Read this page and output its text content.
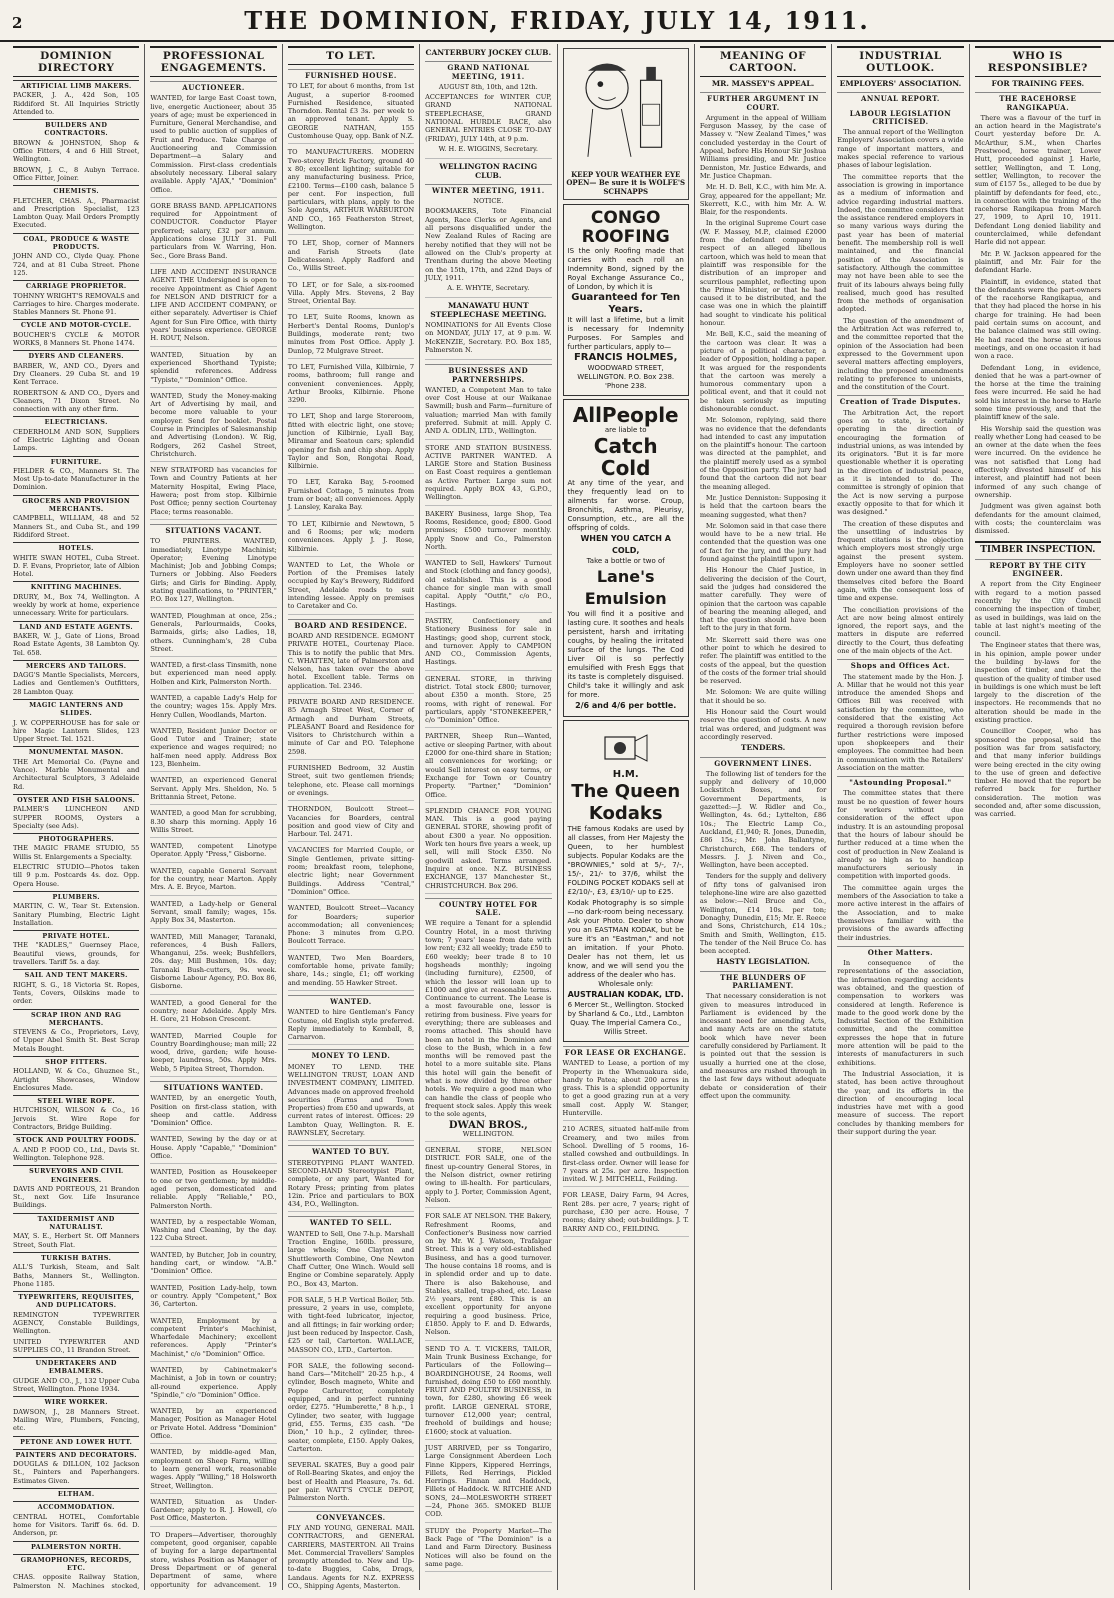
2	THE DOMINION, FRIDAY, JULY 14, 1911.
DOMINION DIRECTORY
ARTIFICIAL LIMB MAKERS.
PACKER, J. A., 42d Son, 105 Riddiford St. All Inquiries Strictly Attended to.
BUILDERS AND CONTRACTORS.
BROWN & JOHNSTON, Shop & Office Fitters, 4 and 6 Hill Street, Wellington.
BROWN, J. C., 8 Aubyn Terrace. Office Fitter, Joiner.
CHEMISTS.
FLETCHER, CHAS. A., Pharmacist and Prescription Specialist, 123 Lambton Quay. Mail Orders Promptly Executed.
COAL, PRODUCE & WASTE PRODUCTS.
JOHN AND CO., Clyde Quay. Phone 724, and at 81 Cuba Street. Phone 125.
CARRIAGE PROPRIETOR.
TOHNNY WRIGHT'S REMOVALS and Carriages to hire. Charges moderate. Stables Manners St. Phone 91.
CYCLE AND MOTOR-CYCLE.
BOUCHER'S CYCLE & MOTOR WORKS, 8 Manners St. Phone 1474.
DYERS AND CLEANERS.
BARBER, W., AND CO., Dyers and Dry Cleaners. 29 Cuba St. and 19 Kent Terrace.
ROBERTSON & AND CO., Dyers and Cleaners, 71 Dixon Street. No connection with any other firm.
ELECTRICIANS.
CEDERHOLM AND SON, Suppliers of Electric Lighting and Ocean Lamps.
FURNITURE.
FIELDER & CO., Manners St. The Most Up-to-date Manufacturer in the Dominion.
GROCERS AND PROVISION MERCHANTS.
CAMPBELL, WILLIAM, 48 and 52 Manners St., and Cuba St., and 199 Riddiford Street.
HOTELS.
WHITE SWAN HOTEL, Cuba Street. D. F. Evans, Proprietor, late of Albion Hotel.
KNITTING MACHINES.
DRURY, M., Box 74, Wellington. A weekly by work at home, experience unnecessary. Write for particulars.
LAND AND ESTATE AGENTS.
BAKER, W. J., Gate of Lions, Broad Road Estate Agents, 38 Lambton Qy. Tel. 658.
MERCERS AND TAILORS.
DAGG'S Mantle Specialists, Mercers, Ladies and Gentlemen's Outfitters, 28 Lambton Quay.
MAGIC LANTERNS AND SLIDES.
J. W. COPPERHOUSE has for sale or hire Magic Lantern Slides, 123 Upper Street. Tel. 1521.
MONUMENTAL MASON.
THE Art Memorial Co. (Payne and Vance). Marble Monumental and Architectural Sculptors, 3 Adelaide Rd.
OYSTER AND FISH SALOONS.
PALMER'S LUNCHEON AND SUPPER ROOMS, Oysters a Specialty (see Ads).
PHOTOGRAPHERS.
THE MAGIC FRAME STUDIO, 55 Willis St. Enlargements a Specialty.
ELECTRIC STUDIO—Photos taken till 9 p.m. Postcards 4s. doz. Opp. Opera House.
PLUMBERS.
MARTIN, C. W., Tear St. Extension. Sanitary Plumbing, Electric Light Installation.
PRIVATE HOTEL.
THE "KADLES," Guernsey Place, Beautiful views, grounds, for travellers. Tariff 5s. a day.
SAIL AND TENT MAKERS.
RIGHT, S. G., 18 Victoria St. Ropes, Tents, Covers, Oilskins made to order.
SCRAP IRON AND RAG MERCHANTS.
STEVENS & Co., Proprietors, Levy, of Upper Abel Smith St. Best Scrap Metals Bought.
SHOP FITTERS.
HOLLAND, W. & Co., Ghuznee St., Airtight Showcases, Window Enclosures Made.
STEEL WIRE ROPE.
HUTCHISON, WILSON & Co., 16 Jervois St. Wire Rope for Contractors, Bridge Building.
STOCK AND POULTRY FOODS.
A. AND P. FOOD CO., Ltd., Davis St. Wellington. Telephone 928.
SURVEYORS AND CIVIL ENGINEERS.
DAVIS AND PORTEOUS, 21 Brandon St., next Gov. Life Insurance Buildings.
TAXIDERMIST AND NATURALIST.
MAY, S. E., Herbert St. Off Manners Street, South Flat.
TURKISH BATHS.
ALL'S Turkish, Steam, and Salt Baths, Manners St., Wellington. Phone 1185.
TYPEWRITERS, REQUISITES, AND DUPLICATORS.
REMINGTON TYPEWRITER AGENCY, Constable Buildings, Wellington.
UNITED TYPEWRITER AND SUPPLIES CO., 11 Brandon Street.
UNDERTAKERS AND EMBALMERS.
GUDGE AND CO., J., 132 Upper Cuba Street, Wellington. Phone 1934.
WIRE WORKER.
DAWSON, J., 28 Manners Street. Mailing Wire, Plumbers, Fencing, etc.
PETONE AND LOWER HUTT.
PAINTERS AND DECORATORS.
DOUGLAS & DILLON, 102 Jackson St., Painters and Paperhangers. Estimates Given.
ELTHAM.
ACCOMMODATION.
CENTRAL HOTEL, Comfortable home for Visitors. Tariff 6s. 6d. D. Anderson, pr.
PALMERSTON NORTH.
GRAMOPHONES, RECORDS, ETC.
CHAS. opposite Railway Station, Palmerston N. Machines stocked,
PROFESSIONAL ENGAGEMENTS.
AUCTIONEER.
WANTED, for large East Coast town, live, energetic Auctioneer, about 35 years of age; must be experienced in Furniture, General Merchandise, and used to public auction of supplies of Fruit and Produce. Take Charge of Auctioneering and Commission Department—a Salary and Commission. First-class credentials absolutely necessary. Liberal salary available. Apply "AJAX," "Dominion" Office.
GORE BRASS BAND. APPLICATIONS required for Appointment of CONDUCTOR. Conductor Player preferred; salary, £32 per annum. Applications close JULY 31. Full particulars from W. Warring, Hon. Sec., Gore Brass Band.
LIFE AND ACCIDENT INSURANCE AGENT. THE Undersigned is open to receive Appointment as Chief Agent for NELSON AND DISTRICT for a LIFE AND ACCIDENT COMPANY, or either separately. Advertiser is Chief Agent for Sun Fire Office, with thirty years' business experience. GEORGE H. ROUT, Nelson.
WANTED, Situation by an experienced Shorthand Typiste; splendid references. Address "Typiste," "Dominion" Office.
WANTED, Study the Money-making Art of Advertising by mail, and become more valuable to your employer. Send for booklet. Postal Course in Principles of Salesmanship and Advertising (London). W. Rig, Rodgers, 262 Cashel Street, Christchurch.
NEW STRATFORD has vacancies for Town and Country Patients at her Maternity Hospital, Ewing Place, Hawera; post from stop. Kilbirnie Post Office; penny section Courtenay Place; terms reasonable.
SITUATIONS VACANT.
TO PRINTERS. WANTED, immediately, Linotype Machinist; Operator; Evening Linotype Machinist; Job and Jobbing Comps; Turners or Jobbing. Also Feeders Girls; and Girls for Binding. Apply, stating qualifications, to "PRINTER," P.O. Box 127, Wellington.
WANTED, Ploughman at once, 25s.; Generals, Parlourmaids, Cooks, Barmaids, girls; also Ladies, 18, others. Cunningham's, 28 Cuba Street.
WANTED, a first-class Tinsmith, none but experienced man need apply. Holben and Kirk, Palmerston North.
WANTED, a capable Lady's Help for the country; wages 15s. Apply Mrs. Henry Cullen, Woodlands, Marton.
WANTED, Resident Junior Doctor or Good Tutor and Trainer; state experience and wages required; no half-men need apply. Address Box 123, Blenheim.
WANTED, an experienced General Servant. Apply Mrs. Sheldon, No. 5 Brittannia Street, Petone.
WANTED, a good Man for scrubbing, 8.30 sharp this morning. Apply 16 Willis Street.
WANTED, competent Linotype Operator. Apply "Press," Gisborne.
WANTED, capable General Servant for the country, near Marton. Apply Mrs. A. E. Bryce, Marton.
WANTED, a Lady-help or General Servant, small family; wages, 15s. Apply Box 34, Masterton.
WANTED, Mill Manager, Taranaki, references, 4 Bush Fallers, Whanganui, 25s. week; Bushfellers, 20s. day; Mill Bushmen, 10s. day; Taranaki Bush-cutters, 9s. week. Gisborne Labour Agency, P.O. Box 86, Gisborne.
WANTED, a good General for the country; near Adelaide. Apply Mrs. H. Gore, 21 Hobson Crescent.
WANTED, Married Couple for Country Boardinghouse; man mill; 22 wood, drive, garden; wife house-keeper, laundress, 50s. Apply Mrs. Webb, 5 Pipitea Street, Thorndon.
SITUATIONS WANTED.
WANTED, by an energetic Youth, Position on first-class station, with sheep and cattle. Address "Dominion" Office.
WANTED, Sewing by the day or at House. Apply "Capable," "Dominion" Office.
WANTED, Position as Housekeeper to one or two gentlemen; by middle-aged person, domesticated and reliable. Apply "Reliable," P.O., Palmerston North.
WANTED, by a respectable Woman, Washing and Cleaning, by the day. 122 Cuba Street.
WANTED, by Butcher, Job in country, handing cart, or window. "A.B." "Dominion" Office.
WANTED, Position Lady-help, town or country. Apply "Competent," Box 36, Carterton.
WANTED, Employment by a competent Printer's Machinist, Wharfedale Machinery; excellent references. Apply "Printer's Machinist," c/o "Dominion" Office.
WANTED, by Cabinetmaker's Machinist, a Job in town or country; all-round experience. Apply "Spindle," c/o "Dominion" Office.
WANTED, by an experienced Manager, Position as Manager Hotel or Private Hotel. Address "Dominion" Office.
WANTED, by middle-aged Man, employment on Sheep Farm, willing to learn general work, reasonable wages. Apply "Willing," 18 Holsworth Street, Wellington.
WANTED, Situation as Under-Gardener; apply to R. J. Howell, c/o Post Office, Masterton.
TO Drapers—Advertiser, thoroughly competent, good organiser, capable of buying for a large departmental store, wishes Position as Manager of Dress Department or of general Department of same, where opportunity for advancement. 19
TO LET.
FURNISHED HOUSE.
TO LET, for about 6 months, from 1st August, a superior 8-roomed Furnished Residence, situated Thorndon. Rental £3 3s. per week to an approved tenant. Apply S. GEORGE NATHAN, 155 Customhouse Quay, opp. Bank of N.Z.
TO MANUFACTURERS. MODERN Two-storey Brick Factory, ground 40 x 80; excellent lighting; suitable for any manufacturing business. Price, £2100. Terms—£100 cash, balance 5 per cent. For inspection, full particulars, with plans, apply to the Sole Agents, ARTHUR WARBURTON AND CO., 165 Featherston Street, Wellington.
TO LET, Shop, corner of Manners and Farish Streets (late Delicatessen). Apply Radford and Co., Willis Street.
TO LET, or for Sale, a six-roomed Villa. Apply Mrs. Stevens, 2 Bay Street, Oriental Bay.
TO LET, Suite Rooms, known as Herbert's Dental Rooms, Dunlop's Buildings, moderate rent; two minutes from Post Office. Apply J. Dunlop, 72 Mulgrave Street.
TO LET, Furnished Villa, Kilbirnie, 7 rooms, bathroom; full range and convenient conveniences. Apply, Arthur Brooks, Kilbirnie. Phone 3290.
TO LET, Shop and large Storeroom, fitted with electric light, one stove; junction of Kilbirnie, Lyall Bay, Miramar and Seatoun cars; splendid opening for fish and chip shop. Apply Taylor and Son, Rongotai Road, Kilbirnie.
TO LET, Karaka Bay, 5-roomed Furnished Cottage, 5 minutes from tram or boat; all conveniences. Apply J. Lansley, Karaka Bay.
TO LET, Kilbirnie and Newtown, 5 and 6 Rooms; per wk; modern conveniences. Apply J. J. Rose, Kilbirnie.
WANTED to Let, the Whole or Portion of the Premises lately occupied by Kay's Brewery, Riddiford Street, Adelaide roads to suit intending lessee. Apply on premises to Caretaker and Co.
BOARD AND RESIDENCE.
BOARD AND RESIDENCE. EGMONT PRIVATE HOTEL, Courtenay Place. This is to notify the public that Mrs. C. WHATTEN, late of Palmerston and Nelson, has taken over the above hotel. Excellent table. Terms on application. Tel. 2346.
PRIVATE BOARD AND RESIDENCE. 85 Armagh Street West, Corner of Armagh and Durham Streets, PLEASANT Board and Residence for Visitors to Christchurch within a minute of Car and P.O. Telephone 2598.
FURNISHED Bedroom, 32 Austin Street, suit two gentlemen friends; telephone, etc. Please call mornings or evenings.
THORNDON, Boulcott Street—Vacancies for Boarders, central position and good view of City and Harbour. Tel. 2471.
VACANCIES for Married Couple, or Single Gentlemen, private sitting-room; breakfast room, telephone, electric light; near Government Buildings. Address "Central," "Dominion" Office.
WANTED, Boulcott Street—Vacancy for Boarders; superior accommodation; all conveniences; Phone: 3 minutes from G.P.O. Boulcott Terrace.
WANTED, Two Men Boarders, comfortable home, private family; share, 14s.; single, £1; off working and mending. 55 Hawker Street.
WANTED.
WANTED to hire Gentleman's Fancy Costume, old English style preferred. Reply immediately to Kemball, 8, Carnarvon.
MONEY TO LEND.
MONEY TO LEND. THE WELLINGTON TRUST, LOAN AND INVESTMENT COMPANY, LIMITED. Advances made on approved freehold securities (Farms and Town Properties) from £50 and upwards, at current rates of interest. Offices: 29 Lambton Quay, Wellington. R. E. RAWNSLEY, Secretary.
WANTED TO BUY.
STEREOTYPING PLANT WANTED. SECOND-HAND Stereotypist Plant, complete, or any part, Wanted for Rotary Press; printing from plates 12in. Price and particulars to BOX 434, P.O., Wellington.
WANTED TO SELL.
WANTED to Sell, One 7-h.p. Marshall Traction Engine, 160lb. pressure, large wheels; One Clayton and Shuttleworth Combine, One Newton Chaff Cutter, One Winch. Would sell Engine or Combine separately. Apply P.O., Box 43, Marton.
FOR SALE, 5 H.P. Vertical Boiler, 5tb. pressure, 2 years in use, complete, with tight-feed lubricator, injector, and all fittings; in fair working order; just been reduced by Inspector. Cash, £25 or tail, Carterton. WALLACE, MASSON CO., LTD., Carterton.
FOR SALE, the following second-hand Cars—"Mitchell" 20-25 h.p., 4 cylinder, Bosch magneto, White and Poppe Carburettor, completely equipped, and in perfect running order, £275. "Humberette," 8 h.p., 1 Cylinder, two seater, with luggage grid, £55. Terms, £35 cash. "De Dion," 10 h.p., 2 cylinder, three-seater, complete, £150. Apply Oakes, Carterton.
SEVERAL SKATES, Buy a good pair of Roll-Bearing Skates, and enjoy the best of Health and Pleasure, 7s. 6d. per pair. WATT'S CYCLE DEPOT, Palmerston North.
CONVEYANCES.
FLY AND YOUNG, GENERAL MAIL CONTRACTORS, and GENERAL CARRIERS, MASTERTON. All Trains Met. Commercial Travellers' Samples promptly attended to. New and Up-to-date Buggies, Cabs, Drags, Landaus. Agents for N.Z. EXPRESS CO., Shipping Agents, Masterton.
CANTERBURY JOCKEY CLUB.
GRAND NATIONAL MEETING, 1911.
AUGUST 8th, 10th, and 12th.
ACCEPTANCES for WINTER CUP, GRAND NATIONAL STEEPLECHASE, GRAND NATIONAL HURDLE RACE, also GENERAL ENTRIES CLOSE TO-DAY (FRIDAY), JULY 14th, at 9 p.m.
W. H. E. WIGGINS, Secretary.
WELLINGTON RACING CLUB.
WINTER MEETING, 1911.
NOTICE.
BOOKMAKERS, Tote Financial Agents, Race Clerks or Agents, and all persons disqualified under the New Zealand Rules of Racing are hereby notified that they will not be allowed on the Club's property at Trentham during the above Meeting on the 15th, 17th, and 22nd Days of JULY, 1911.
A. E. WHYTE, Secretary.
MANAWATU HUNT STEEPLECHASE MEETING.
NOMINATIONS for All Events Close on MONDAY, JULY 17, at 9 p.m. W. McKENZIE, Secretary. P.O. Box 185, Palmerston N.
BUSINESSES AND PARTNERSHIPS.
WANTED, a Competent Man to take over Cost House at our Waikanae Sawmill; bush and Farm—furniture of valuation; married Man with family preferred. Submit at mill. Apply C. AND A. ODLIN, LTD., Wellington.
STORE AND STATION BUSINESS. ACTIVE PARTNER WANTED. A LARGE Store and Station Business on East Coast requires a gentleman as Active Partner. Large sum not required. Apply BOX 43, G.P.O., Wellington.
BAKERY Business, large Shop, Tea Rooms, Residence, good; £800. Good premises; £500 turnover monthly. Apply Snow and Co., Palmerston North.
WANTED to Sell, Hawkers' Turnout and Stock (clothing and fancy goods), old established. This is a good chance for single man with small capital. Apply "Outfit," c/o P.O., Hastings.
PASTRY, Confectionery and Stationery Business for sale in Hastings; good shop, current stock, and turnover. Apply to CAMPION AND CO., Commission Agents, Hastings.
GENERAL STORE, in thriving district. Total stock £800; turnover, about £350 a month. Store, 25 rooms, with right of renewal. For particulars, apply "STONEKEEPER," c/o "Dominion" Office.
PARTNER, Sheep Run—Wanted, active or sleeping Partner, with about £2000 for one-third share in Station; all conveniences for working; or would Sell interest on easy terms, or Exchange for Town or Country Property. "Partner," "Dominion" Office.
SPLENDID CHANCE FOR YOUNG MAN. This is a good paying GENERAL STORE, showing profit of about £300 a year. No opposition. Work ten hours five years a week, up sell, will mill Stock £350. No goodwill asked. Terms arranged. Inquire at once. N.Z. BUSINESS EXCHANGE, 137 Manchester St., CHRISTCHURCH. Box 296.
COUNTRY HOTEL FOR SALE.
WE require a Tenant for a splendid Country Hotel, in a most thriving town; 7 years' lease from date with low rent; £32 all weekly; trade £50 to £60 weekly; beer trade 8 to 10 hogsheads monthly; ingoing (including furniture), £2500, of which the lessor will loan up to £1000 and give at reasonable terms. Continuance to current. The Lease is a most favourable one, lessor is retiring from business. Five years for everything; there are subleases and rooms attached. This should have been an hotel in the Dominion and close to the Bush, which in a few months will be removed past the hotel to a more suitable site. Plans this hotel will gain the benefit of what is now divided by three other hotels. We require a good man who can handle the class of people who frequent stock sales. Apply this week to the sole agents,
DWAN BROS.,
WELLINGTON.
GENERAL STORE, NELSON DISTRICT. FOR SALE, one of the finest up-country General Stores, in the Nelson district, owner retiring owing to ill-health. For particulars, apply to J. Porter, Commission Agent, Nelson.
FOR SALE AT NELSON. THE Bakery, Refreshment Rooms, and Confectioner's Business now carried on by Mr. W. J. Watson, Trafalgar Street. This is a very old-established Business, and has a good turnover. The house contains 18 rooms, and is in splendid order and up to date. There is also Bakehouse, and Stables, stalled, trap-shed, etc. Lease 2½ years, rent £80. This is an excellent opportunity for anyone requiring a good business. Price, £1850. Apply to F. and D. Edwards, Nelson.
SEND TO A. T. VICKERS, TAILOR, Main Trunk Business Exchange, for Particulars of the Following— BOARDINGHOUSE, 24 Rooms, well furnished, doing £50 to £60 monthly. FRUIT AND POULTRY BUSINESS, in town, for £280, showing £6 week profit. LARGE GENERAL STORE, turnover £12,000 year; central, freehold of buildings and house; £1600; stock at valuation.
JUST ARRIVED, per ss Tongariro, Large Consignment Aberdeen Loch Finne Kippers, Kippered Herrings, Fillets, Red Herrings, Pickled Herrings. Finnan and Haddock, Fillets of Haddock. W. RITCHIE AND SONS, 24—MOLESWORTH STREET—24, Phone 365. SMOKED BLUE COD.
STUDY the Property Market—The Back Page of "The Dominion" is a Land and Farm Directory. Business Notices will also be found on the same page.
KEEP YOUR WEATHER EYE OPEN— Be sure it is WOLFE'S SCHNAPPS
CONGO ROOFING
IS the only Roofing made that carries with each roll an Indemnity Bond, signed by the Royal Exchange Assurance Co., of London, by which it is
Guaranteed for Ten Years.
It will last a lifetime, but a limit is necessary for Indemnity Purposes. For Samples and further particulars, apply to—
FRANCIS HOLMES,
WOODWARD STREET, WELLINGTON. P.O. Box 238. 'Phone 238.
AllPeople
are liable to
Catch Cold
At any time of the year, and they frequently lead on to ailments far worse. Croup, Bronchitis, Asthma, Pleurisy, Consumption, etc., are all the offspring of colds.
WHEN YOU CATCH A COLD,
Take a bottle or two of
Lane's Emulsion
You will find it a positive and lasting cure. It soothes and heals persistent, harsh and irritating coughs, by healing the irritated surface of the lungs. The Cod Liver Oil is so perfectly emulsified with Fresh Eggs that its taste is completely disguised. Child's take it willingly and ask for more.
2/6 and 4/6 per bottle.
H.M.
The Queen
Kodaks
THE famous Kodaks are used by all classes, from Her Majesty the Queen, to her humblest subjects. Popular Kodaks are the "BROWNIES," sold at 5/-, 7/-, 15/-, 21/- to 37/6, whilst the FOLDING POCKET KODAKS sell at £2/10/-, £3, £3/10/- up to £25.
Kodak Photography is so simple—no dark-room being necessary. Ask your Photo. Dealer to show you an EASTMAN KODAK, but be sure it's an "Eastman," and not an imitation. If your Photo. Dealer has not them, let us know, and we will send you the address of the dealer who has.
Wholesale only:
AUSTRALIAN KODAK, LTD.
6 Mercer St., Wellington. Stocked by Sharland & Co., Ltd., Lambton Quay. The Imperial Camera Co., Willis Street.
FOR LEASE OR EXCHANGE.
WANTED to Lease, a portion of my Property in the Whenuakura side, handy to Patea; about 200 acres in grass. This is a splendid opportunity to get a good grazing run at a very small cost. Apply W. Stanger, Hunterville.
210 ACRES, situated half-mile from Creamery, and two miles from School. Dwelling of 5 rooms, 16-stalled cowshed and outbuildings. In first-class order. Owner will lease for 7 years at 25s. per acre. Inspection invited. W. J. MITCHELL, Feilding.
FOR LEASE, Dairy Farm, 94 Acres, Rent 28s. per acre, 7 years; right of purchase, £30 per acre. House, 7 rooms; dairy shed; out-buildings. J. T. BARRY AND CO., FEILDING.
MEANING OF CARTOON.
MR. MASSEY'S APPEAL.
FURTHER ARGUMENT IN COURT.
Argument in the appeal of William Ferguson Massey, by the case of Massey v. "New Zealand Times," was concluded yesterday in the Court of Appeal, before His Honour Sir Joshua Williams presiding, and Mr. Justice Denniston, Mr. Justice Edwards, and Mr. Justice Chapman.
Mr. H. D. Bell, K.C., with him Mr. A. Gray, appeared for the appellant; Mr. Skerrett, K.C., with him Mr. A. W. Blair, for the respondents.
In the original Supreme Court case (W. F. Massey, M.P., claimed £2000 from the defendant company in respect of an alleged libellous cartoon, which was held to mean that plaintiff was responsible for the distribution of an improper and scurrilous pamphlet, reflecting upon the Prime Minister, or that he had caused it to be distributed, and the case was one in which the plaintiff had sought to vindicate his political honour.
Mr. Bell, K.C., said the meaning of the cartoon was clear. It was a picture of a political character, a leader of Opposition, holding a paper. It was argued for the respondents that the cartoon was merely a humorous commentary upon a political event, and that it could not be taken seriously as imputing dishonourable conduct.
Mr. Solomon, replying, said there was no evidence that the defendants had intended to cast any imputation on the plaintiff's honour. The cartoon was directed at the pamphlet, and the plaintiff merely used as a symbol of the Opposition party. The jury had found that the cartoon did not bear the meaning alleged.
Mr. Justice Denniston: Supposing it is held that the cartoon bears the meaning suggested, what then?
Mr. Solomon said in that case there would have to be a new trial. He contended that the question was one of fact for the jury, and the jury had found against the plaintiff upon it.
His Honour the Chief Justice, in delivering the decision of the Court, said the judges had considered the matter carefully. They were of opinion that the cartoon was capable of bearing the meaning alleged, and that the question should have been left to the jury in that form.
Mr. Skerrett said there was one other point to which he desired to refer. The plaintiff was entitled to the costs of the appeal, but the question of the costs of the former trial should be reserved.
Mr. Solomon: We are quite willing that it should be so.
His Honour said the Court would reserve the question of costs. A new trial was ordered, and judgment was accordingly reserved.
TENDERS.
GOVERNMENT LINES.
The following list of tenders for the supply and delivery of 10,000 Lockstitch Boxes, and for Government Departments, is gazetted:—J. W. Ridler and Co., Wellington, 4s. 6d.; Lyttelton, £86 10s.; The Electric Lamp Co., Auckland, £1,940; R. Jones, Dunedin, £86 15s.; Mr. John Ballantyne, Christchurch, £68. The tenders of Messrs. J. J. Niven and Co., Wellington, have been accepted.
Tenders for the supply and delivery of fifty tons of galvanised iron telephone-line wire are also gazetted as below:—Neil Bruce and Co., Wellington, £14 10s. per ton; Donaghy, Dunedin, £15; Mr. E. Reece and Sons, Christchurch, £14 10s.; Smith and Smith, Wellington, £15. The tender of the Neil Bruce Co. has been accepted.
HASTY LEGISLATION.
THE BLUNDERS OF PARLIAMENT.
That necessary consideration is not given to measures introduced in Parliament is evidenced by the incessant need for amending Acts, and many Acts are on the statute book which have never been carefully considered by Parliament. It is pointed out that the session is usually a hurried one at the close, and measures are rushed through in the last few days without adequate debate or consideration of their effect upon the community.
INDUSTRIAL OUTLOOK.
EMPLOYERS' ASSOCIATION.
ANNUAL REPORT.
LABOUR LEGISLATION CRITICISED.
The annual report of the Wellington Employers' Association covers a wide range of important matters, and makes special reference to various phases of labour legislation.
The committee reports that the association is growing in importance as a medium of information and advice regarding industrial matters. Indeed, the committee considers that the assistance rendered employers in so many various ways during the past year has been of material benefit. The membership roll is well maintained, and the financial position of the Association is satisfactory. Although the committee may not have been able to see the fruit of its labours always being fully realised, much good has resulted from the methods of organisation adopted.
The question of the amendment of the Arbitration Act was referred to, and the committee reported that the opinion of the Association had been expressed to the Government upon several matters affecting employers, including the proposed amendments relating to preference to unionists, and the constitution of the Court.
Creation of Trade Disputes.
The Arbitration Act, the report goes on to state, is certainly operating in the direction of encouraging the formation of industrial unions, as was intended by its originators. "But it is far more questionable whether it is operating in the direction of industrial peace, as it is intended to do. The committee is strongly of opinion that the Act is now serving a purpose exactly opposite to that for which it was designed."
The creation of these disputes and the unsettling of industries by frequent citations is the objection which employers most strongly urge against the present system. Employers have no sooner settled down under one award than they find themselves cited before the Board again, with the consequent loss of time and expense.
The conciliation provisions of the Act are now being almost entirely ignored, the report says, and the matters in dispute are referred directly to the Court, thus defeating one of the main objects of the Act.
Shops and Offices Act.
The statement made by the Hon. J. A. Millar that he would not this year introduce the amended Shops and Offices Bill was received with satisfaction by the committee, who considered that the existing Act required a thorough revision before further restrictions were imposed upon shopkeepers and their employees. The committee had been in communication with the Retailers' Association on the matter.
"Astounding Proposal."
The committee states that there must be no question of fewer hours for workers without due consideration of the effect upon industry. It is an astounding proposal that the hours of labour should be further reduced at a time when the cost of production in New Zealand is already so high as to handicap manufacturers seriously in competition with imported goods.
The committee again urges the members of the Association to take a more active interest in the affairs of the Association, and to make themselves familiar with the provisions of the awards affecting their industries.
Other Matters.
In consequence of the representations of the association, the information regarding accidents was obtained, and the question of compensation to workers was considered at length. Reference is made to the good work done by the Industrial Section of the Exhibition committee, and the committee expresses the hope that in future more attention will be paid to the interests of manufacturers in such exhibitions.
The Industrial Association, it is stated, has been active throughout the year, and its efforts in the direction of encouraging local industries have met with a good measure of success. The report concludes by thanking members for their support during the year.
WHO IS RESPONSIBLE?
FOR TRAINING FEES.
THE RACEHORSE RANGIKAPUA.
There was a flavour of the turf in an action heard in the Magistrate's Court yesterday before Dr. A. McArthur, S.M., when Charles Prestwood, horse trainer, Lower Hutt, proceeded against J. Harle, settler, Wellington, and T. Long, settler, Wellington, to recover the sum of £157 5s., alleged to be due by plaintiff by defendants for feed, etc., in connection with the training of the racehorse Rangikapua from March 27, 1909, to April 10, 1911. Defendant Long denied liability and counterclaimed, while defendant Harle did not appear.
Mr. P. W. Jackson appeared for the plaintiff, and Mr. Fair for the defendant Harle.
Plaintiff, in evidence, stated that the defendants were the part-owners of the racehorse Rangikapua, and that they had placed the horse in his charge for training. He had been paid certain sums on account, and the balance claimed was still owing. He had raced the horse at various meetings, and on one occasion it had won a race.
Defendant Long, in evidence, denied that he was a part-owner of the horse at the time the training fees were incurred. He said he had sold his interest in the horse to Harle some time previously, and that the plaintiff knew of the sale.
His Worship said the question was really whether Long had ceased to be an owner at the date when the fees were incurred. On the evidence he was not satisfied that Long had effectively divested himself of his interest, and plaintiff had not been informed of any such change of ownership.
Judgment was given against both defendants for the amount claimed, with costs; the counterclaim was dismissed.
TIMBER INSPECTION.
REPORT BY THE CITY ENGINEER.
A report from the City Engineer with regard to a motion passed recently by the City Council concerning the inspection of timber, as used in buildings, was laid on the table at last night's meeting of the council.
The Engineer states that there was, in his opinion, ample power under the building by-laws for the inspection of timber, and that the question of the quality of timber used in buildings is one which must be left largely to the discretion of the inspectors. He recommends that no alteration should be made in the existing practice.
Councillor Cooper, who has sponsored the proposal, said the position was far from satisfactory, and that many inferior buildings were being erected in the city owing to the use of green and defective timber. He moved that the report be referred back for further consideration. The motion was seconded and, after some discussion, was carried.
